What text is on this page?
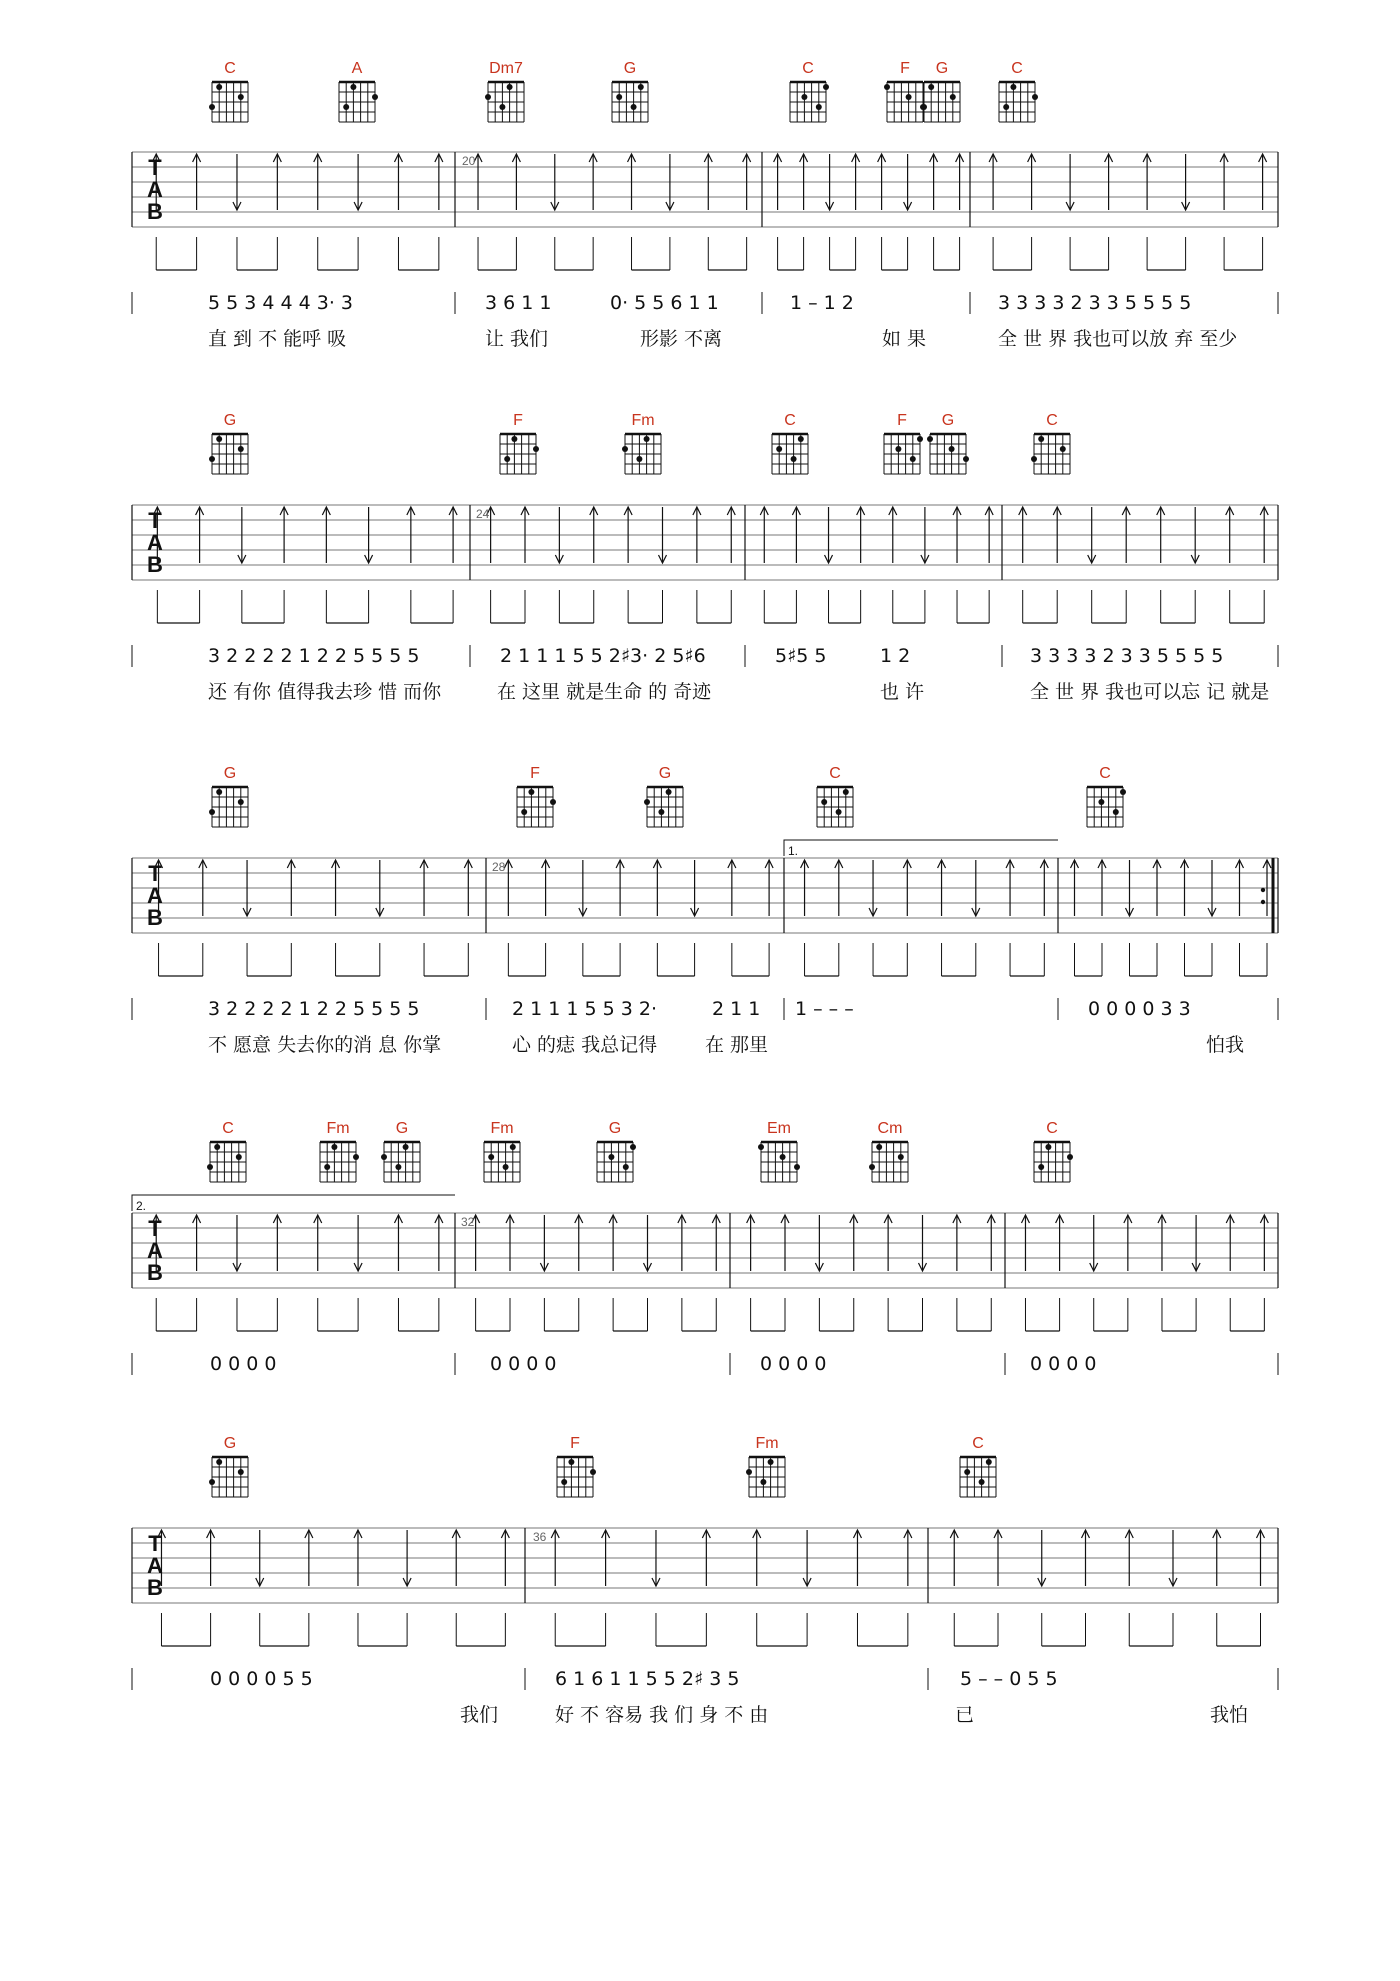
T
A
B
20
C	A	Dm7	G	C	F G	C
5 5 3 4 4 4 3· 3	3 6 1 1	0· 5 5 6 1 1	1 – 1 2	3 3 3 3 2 3 3 5 5 5 5
直 到 不 能呼 吸	让 我们	形影 不离	如 果	全 世 界 我也可以放 弃 至少
T
A
B
24
G	F	Fm	C	F G	C
3 2 2 2 2 1 2 2 5 5 5 5	2 1 1 1 5 5 2♯3· 2 5♯6	5♯5 5	1 2	3 3 3 3 2 3 3 5 5 5 5
还 有你 值得我去珍 惜 而你	在 这里 就是生命 的 奇迹	也 许	全 世 界 我也可以忘 记 就是
T
A
B
28
1.
G	F	G	C	C
3 2 2 2 2 1 2 2 5 5 5 5	2 1 1 1 5 5 3 2·	2 1 1 1 – – –	0 0 0 0 3 3
不 愿意 失去你的消 息 你掌	心 的痣 我总记得	在 那里	怕我
T
A
B
32
2.
C	Fm	G	Fm	G	Em	Cm	C
0 0 0 0	0 0 0 0	0 0 0 0	0 0 0 0
T
A
B
36
G	F	Fm	C
0 0 0 0 5 5	6 1 6 1 1 5 5 2♯ 3 5	5 – – 0 5 5
我们	好 不 容易 我 们 身 不 由	已	我怕
